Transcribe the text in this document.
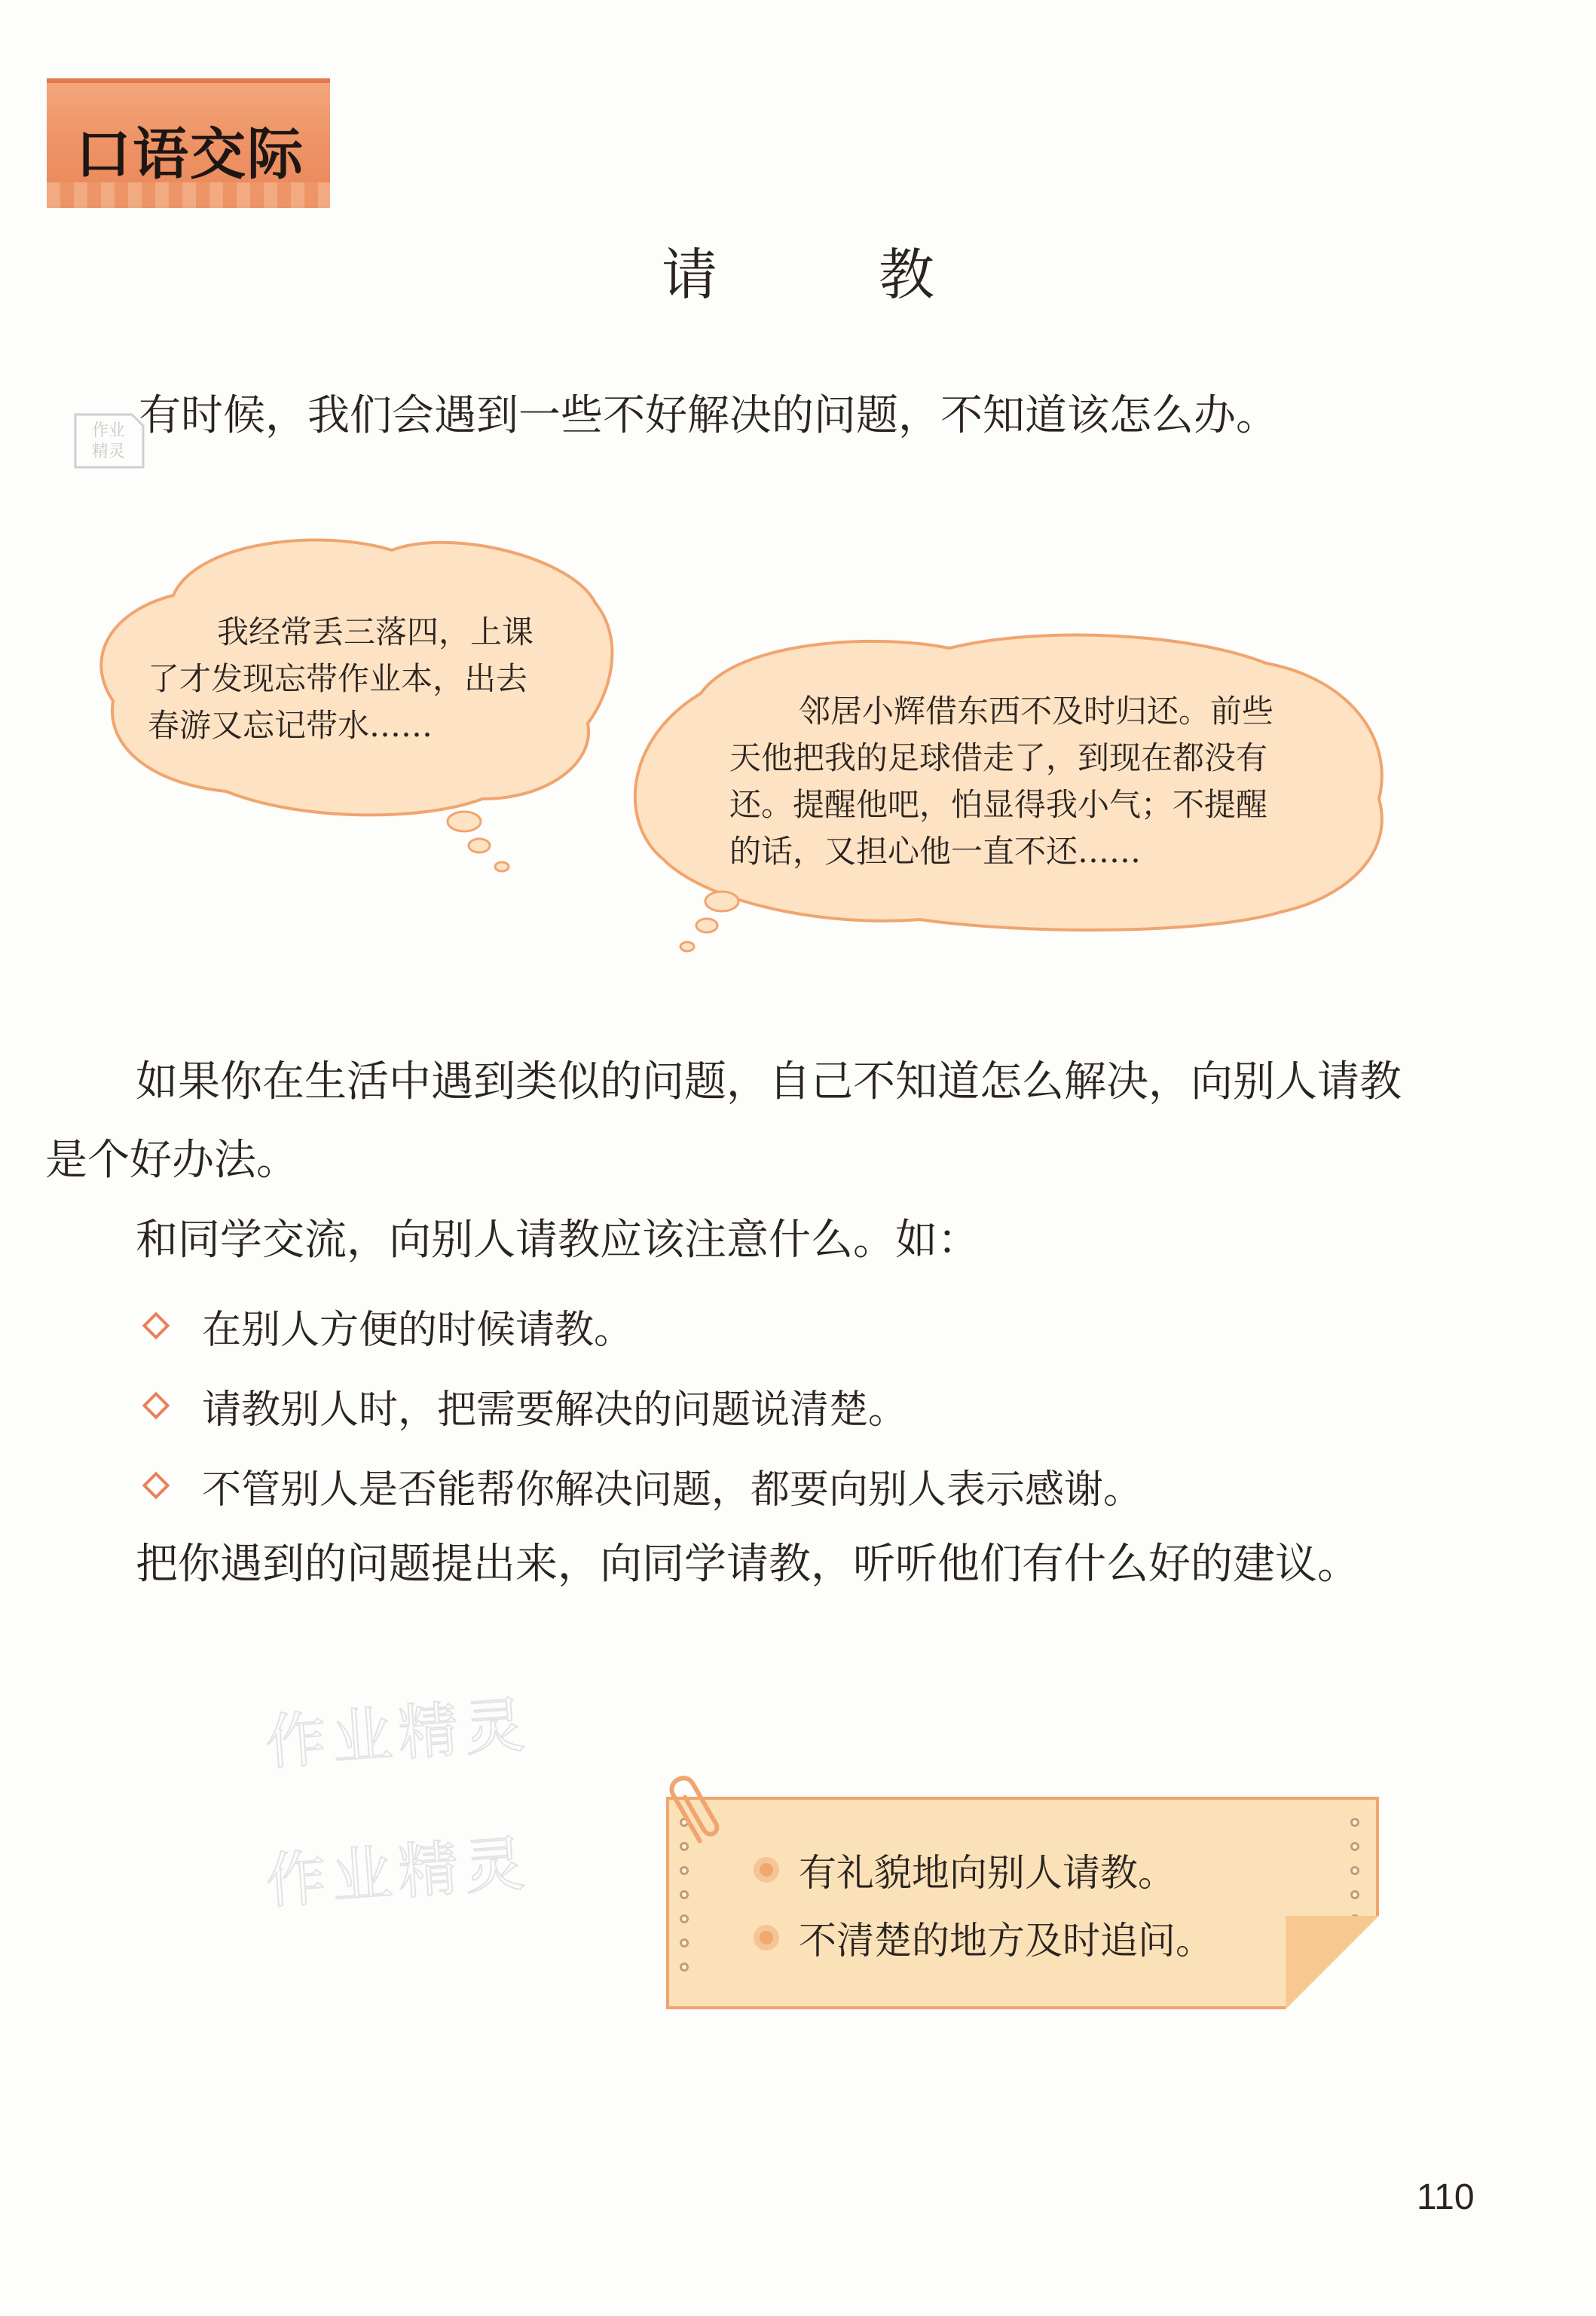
口语交际
请　教
作业
精灵
有时候，我们会遇到一些不好解决的问题，不知道该怎么办。
我经常丢三落四，上课
了才发现忘带作业本，出去
春游又忘记带水……	邻居小辉借东西不及时归还。前些
天他把我的足球借走了，到现在都没有
还。提醒他吧，怕显得我小气；不提醒
的话，又担心他一直不还……
如果你在生活中遇到类似的问题，自己不知道怎么解决，向别人请教是个好办法。
和同学交流，向别人请教应该注意什么。如：
在别人方便的时候请教。
请教别人时，把需要解决的问题说清楚。
不管别人是否能帮你解决问题，都要向别人表示感谢。
把你遇到的问题提出来，向同学请教，听听他们有什么好的建议。
作业精灵
作业精灵	有礼貌地向别人请教。
不清楚的地方及时追问。
110
